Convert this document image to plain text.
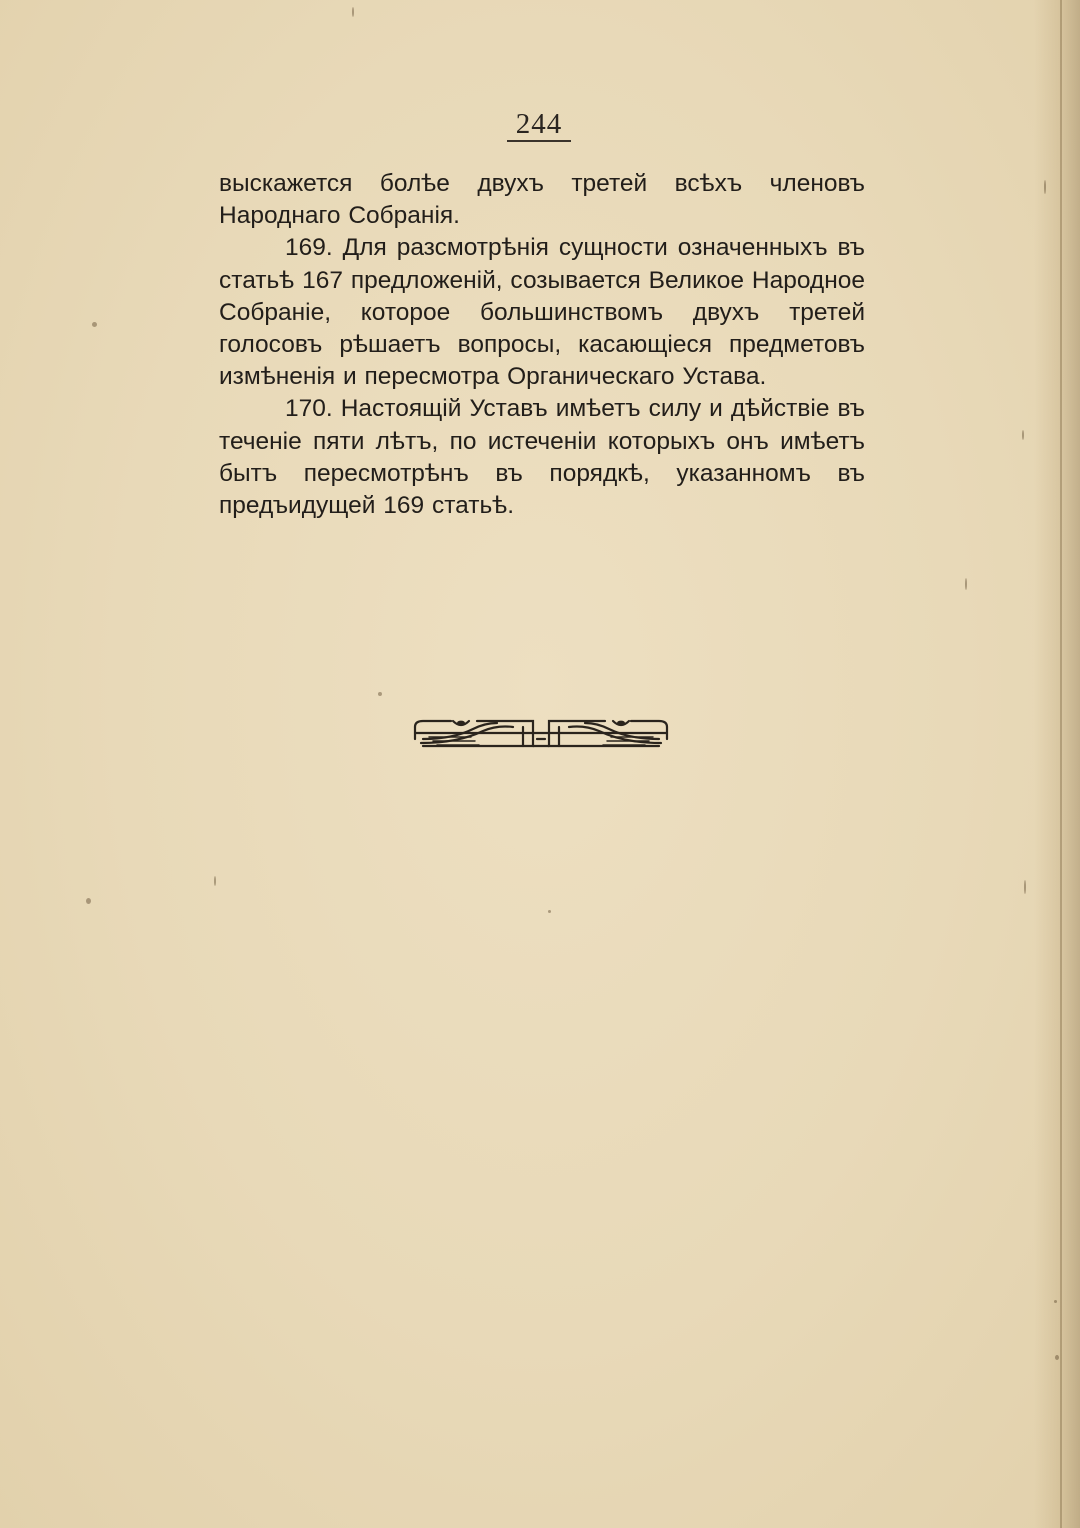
244

выскажется болѣе двухъ третей всѣхъ членовъ Народнаго Собранія.

169. Для разсмотрѣнія сущности означенныхъ въ статьѣ 167 предложеній, созывается Великое Народное Собраніе, которое большинствомъ двухъ третей голосовъ рѣшаетъ вопросы, касающіеся предметовъ измѣненія и пересмотра Органическаго Устава.

170. Настоящій Уставъ имѣетъ силу и дѣйствіе въ теченіе пяти лѣтъ, по истеченіи которыхъ онъ имѣетъ бытъ пересмотрѣнъ въ порядкѣ, указанномъ въ предъидущей 169 статьѣ.
